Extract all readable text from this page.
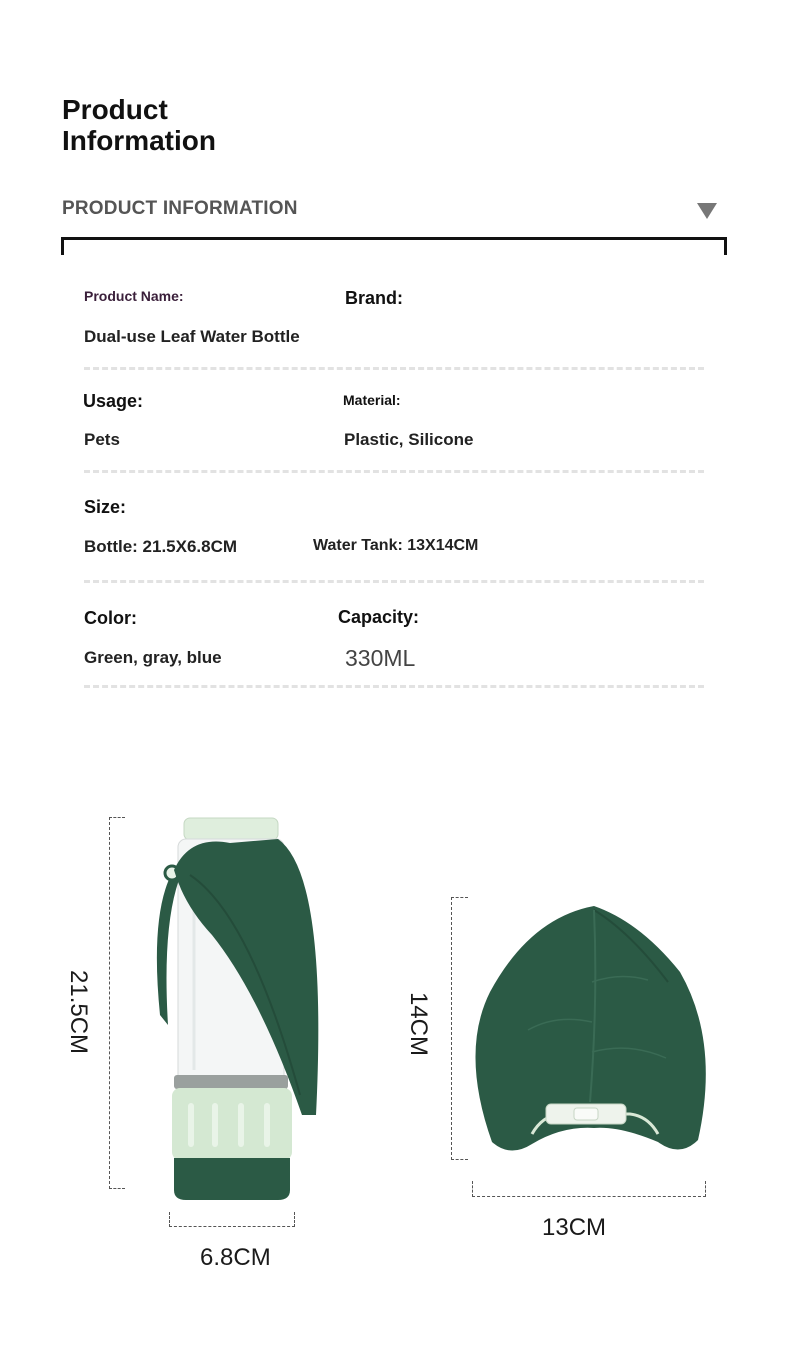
Product
Information
PRODUCT INFORMATION
Product Name:	Brand:
Dual-use Leaf Water Bottle
Usage:	Material:
Pets	Plastic, Silicone
Size:
Bottle: 21.5X6.8CM	Water Tank: 13X14CM
Color:	Capacity:
Green, gray, blue	330ML
21.5CM
6.8CM
14CM
13CM
